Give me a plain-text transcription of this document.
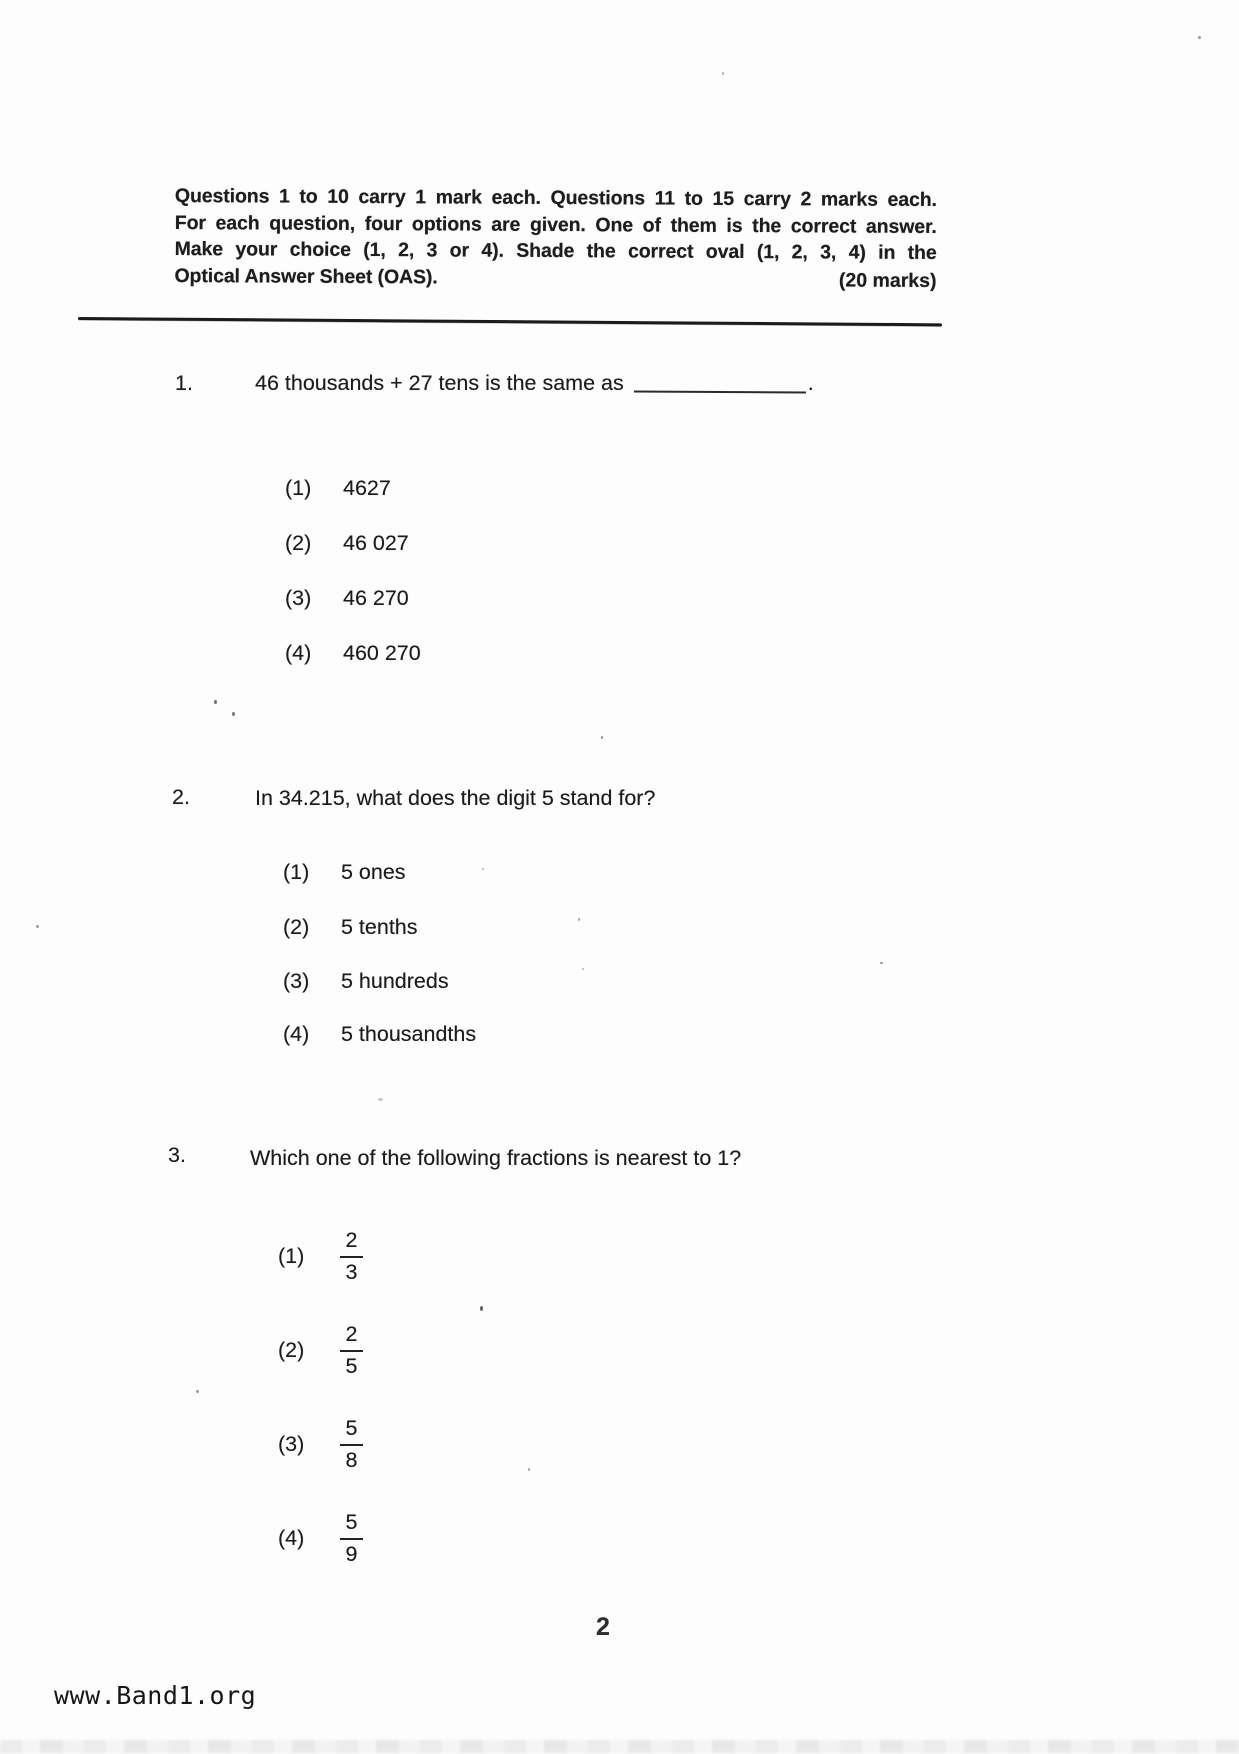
Questions 1 to 10 carry 1 mark each. Questions 11 to 15 carry 2 marks each.
For each question, four options are given. One of them is the correct answer.
Make your choice (1, 2, 3 or 4). Shade the correct oval (1, 2, 3, 4) in the
Optical Answer Sheet (OAS).	(20 marks)
1.	46 thousands + 27 tens is the same as	.
(1)	4627
(2)	46 027
(3)	46 270
(4)	460 270
2.	In 34.215, what does the digit 5 stand for?
(1)	5 ones
(2)	5 tenths
(3)	5 hundreds
(4)	5 thousandths
3.	Which one of the following fractions is nearest to 1?
(1)	$\frac{2}{3}$
(2)	$\frac{2}{5}$
(3)	$\frac{5}{8}$
(4)	$\frac{5}{9}$
2
www.Band1.org
